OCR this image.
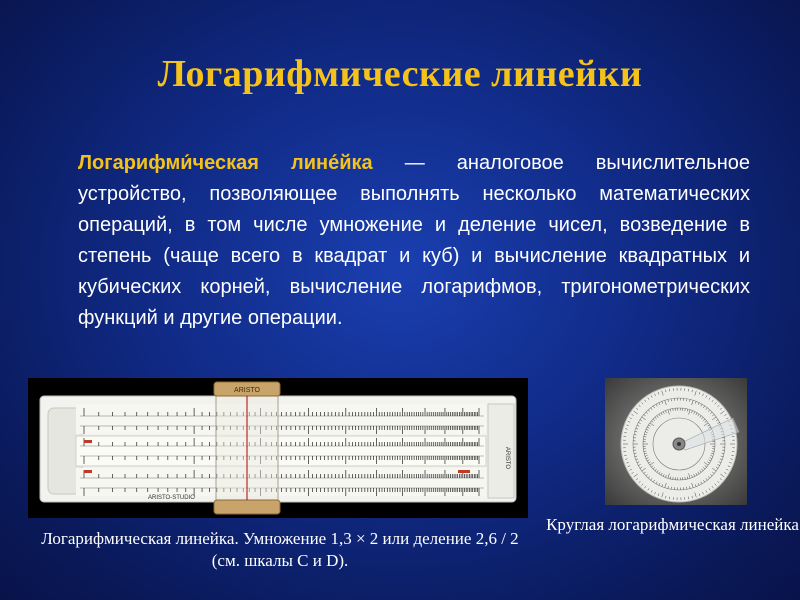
Логарифмические линейки
Логарифми́ческая лине́йка — аналоговое вычислительное устройство, позволяющее выполнять несколько математических операций, в том числе умножение и деление чисел, возведение в степень (чаще всего в квадрат и куб) и вычисление квадратных и кубических корней, вычисление логарифмов, тригонометрических функций и другие операции.
ARISTO
ARISTO-STUDIO
ARISTO
Логарифмическая линейка. Умножение 1,3 × 2 или деление 2,6 / 2 (см. шкалы С и D).
Круглая логарифмическая линейка
